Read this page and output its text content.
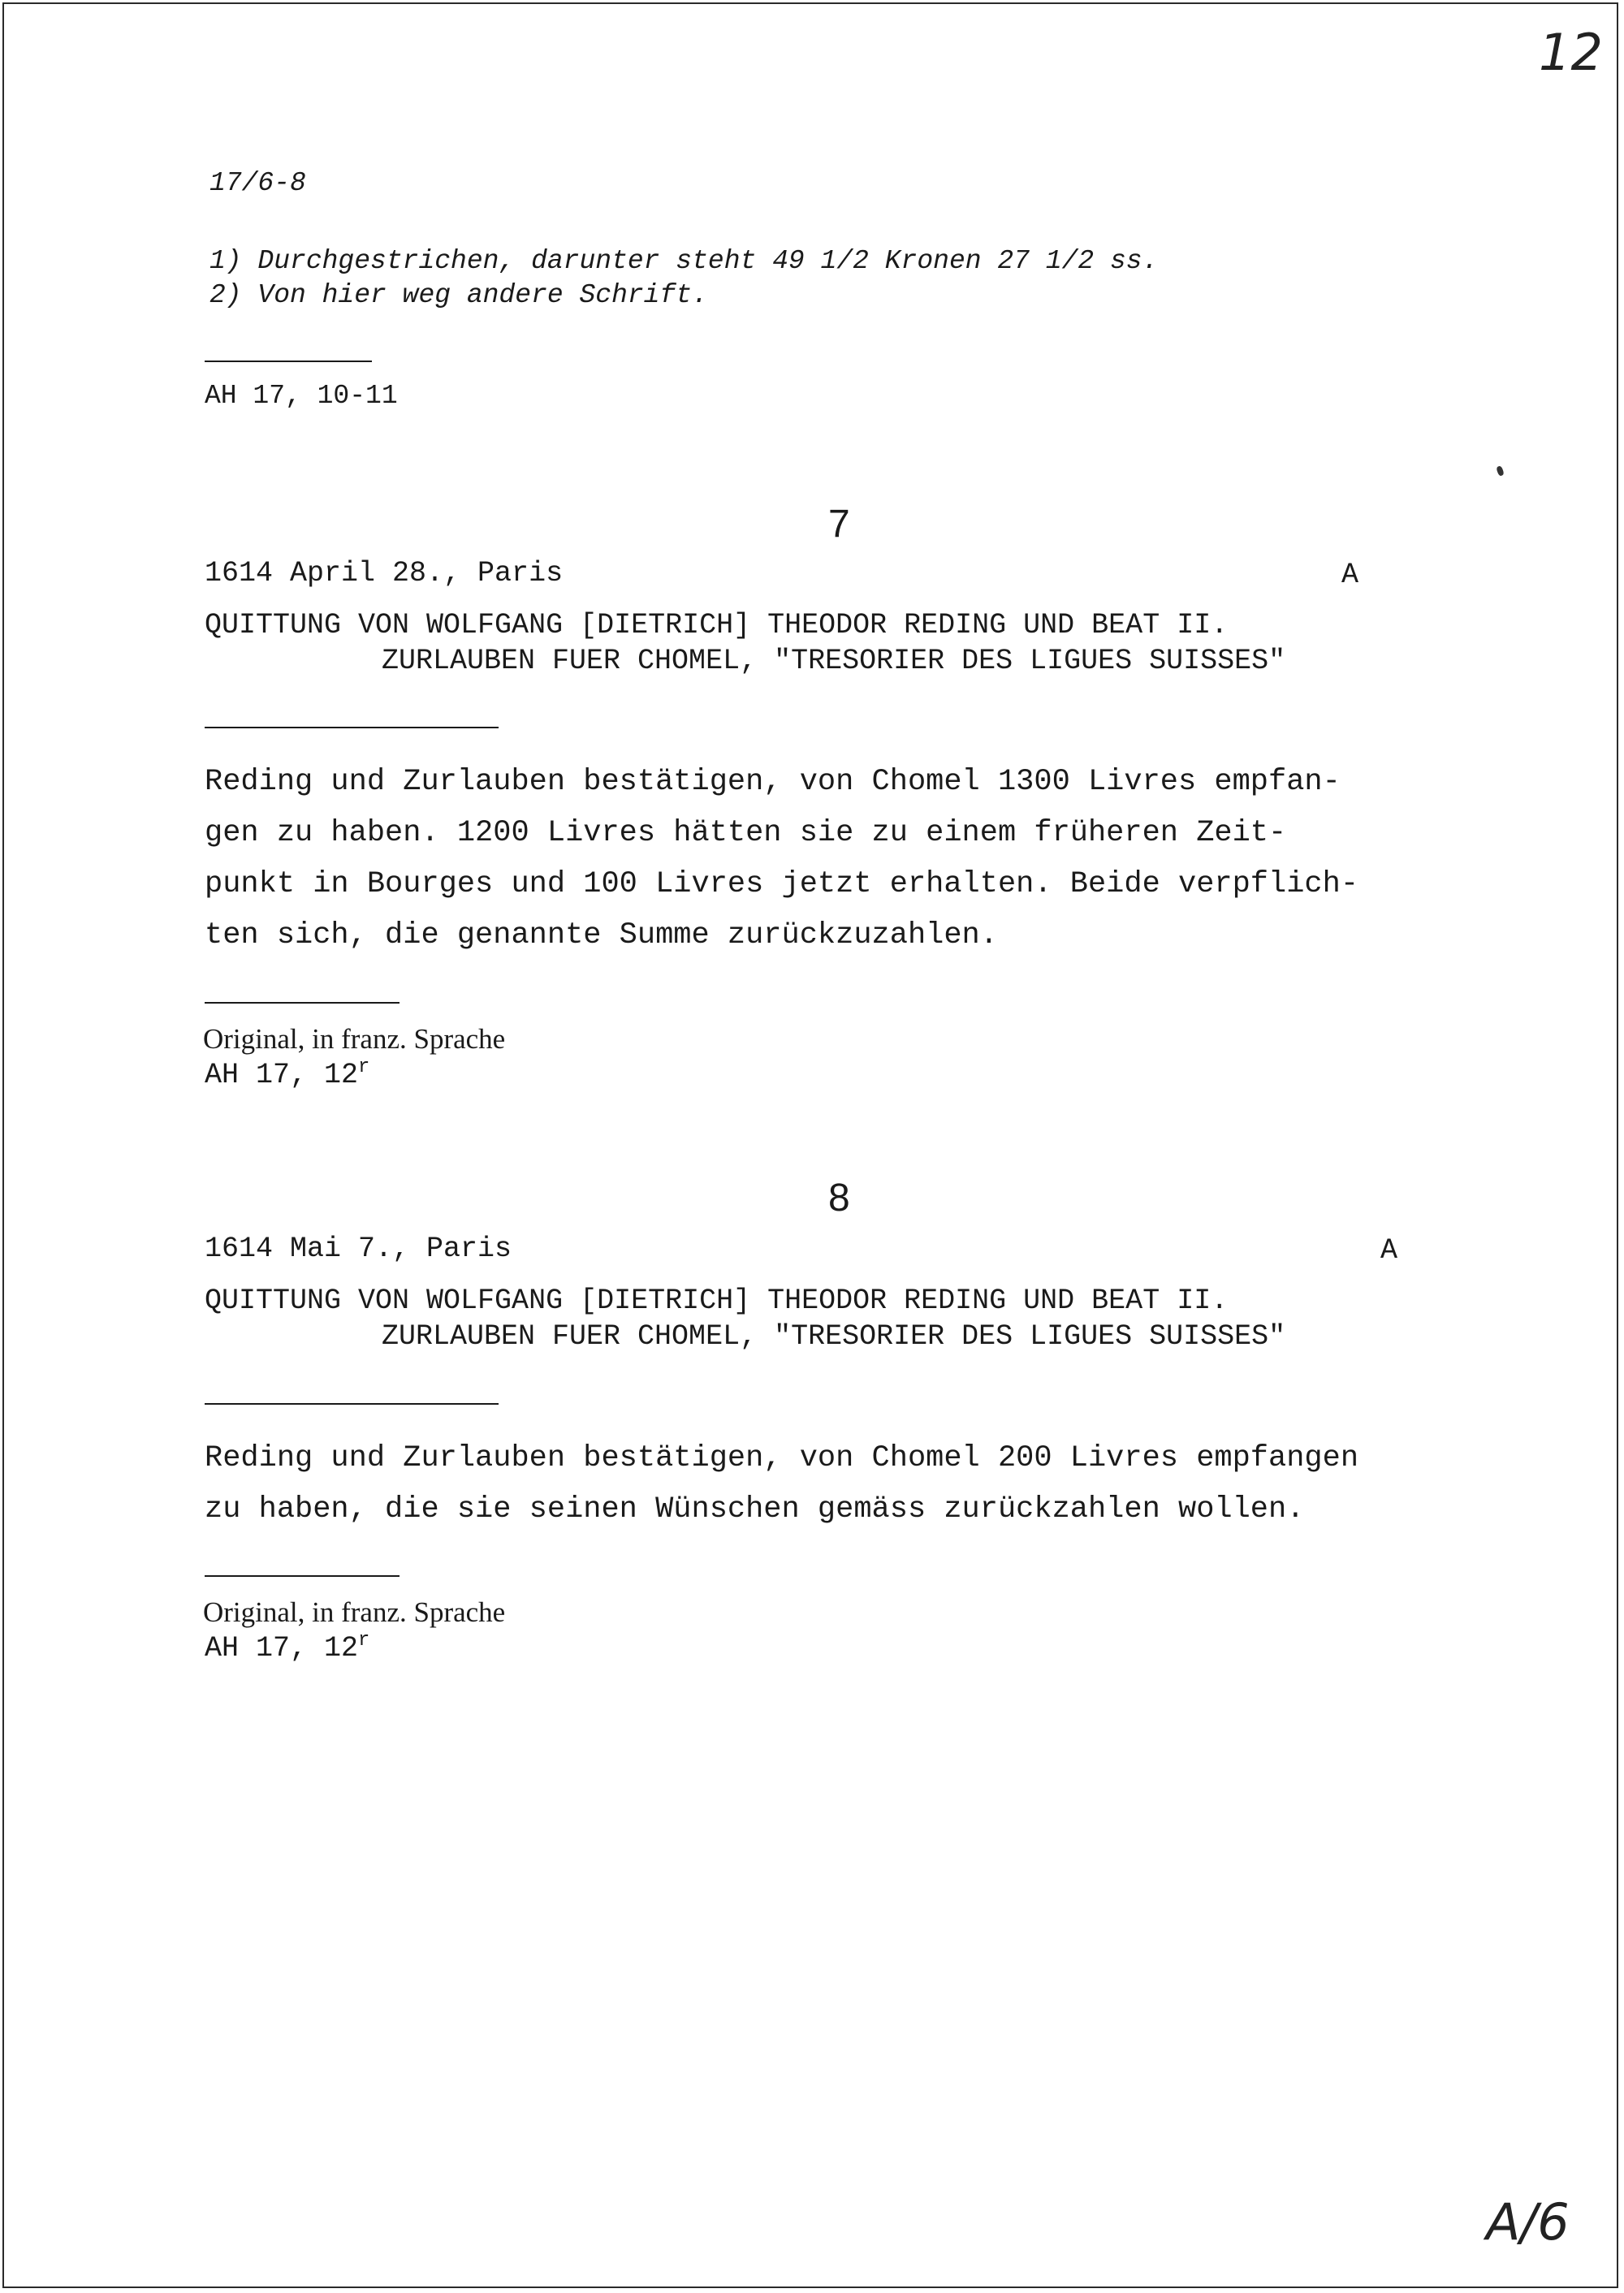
12
17/6-8
1) Durchgestrichen, darunter steht 49 1/2 Kronen 27 1/2 ss.
2) Von hier weg andere Schrift.
AH 17, 10-11
7
1614 April 28., Paris	A
QUITTUNG VON WOLFGANG [DIETRICH] THEODOR REDING UND BEAT II.
ZURLAUBEN FUER CHOMEL, "TRESORIER DES LIGUES SUISSES"
Reding und Zurlauben bestätigen, von Chomel 1300 Livres empfan-
gen zu haben. 1200 Livres hätten sie zu einem früheren Zeit-
punkt in Bourges und 100 Livres jetzt erhalten. Beide verpflich-
ten sich, die genannte Summe zurückzuzahlen.
Original, in franz. Sprache
AH 17, 12$^r$
8
1614 Mai 7., Paris	A
QUITTUNG VON WOLFGANG [DIETRICH] THEODOR REDING UND BEAT II.
ZURLAUBEN FUER CHOMEL, "TRESORIER DES LIGUES SUISSES"
Reding und Zurlauben bestätigen, von Chomel 200 Livres empfangen
zu haben, die sie seinen Wünschen gemäss zurückzahlen wollen.
Original, in franz. Sprache
AH 17, 12$^r$
A/6
